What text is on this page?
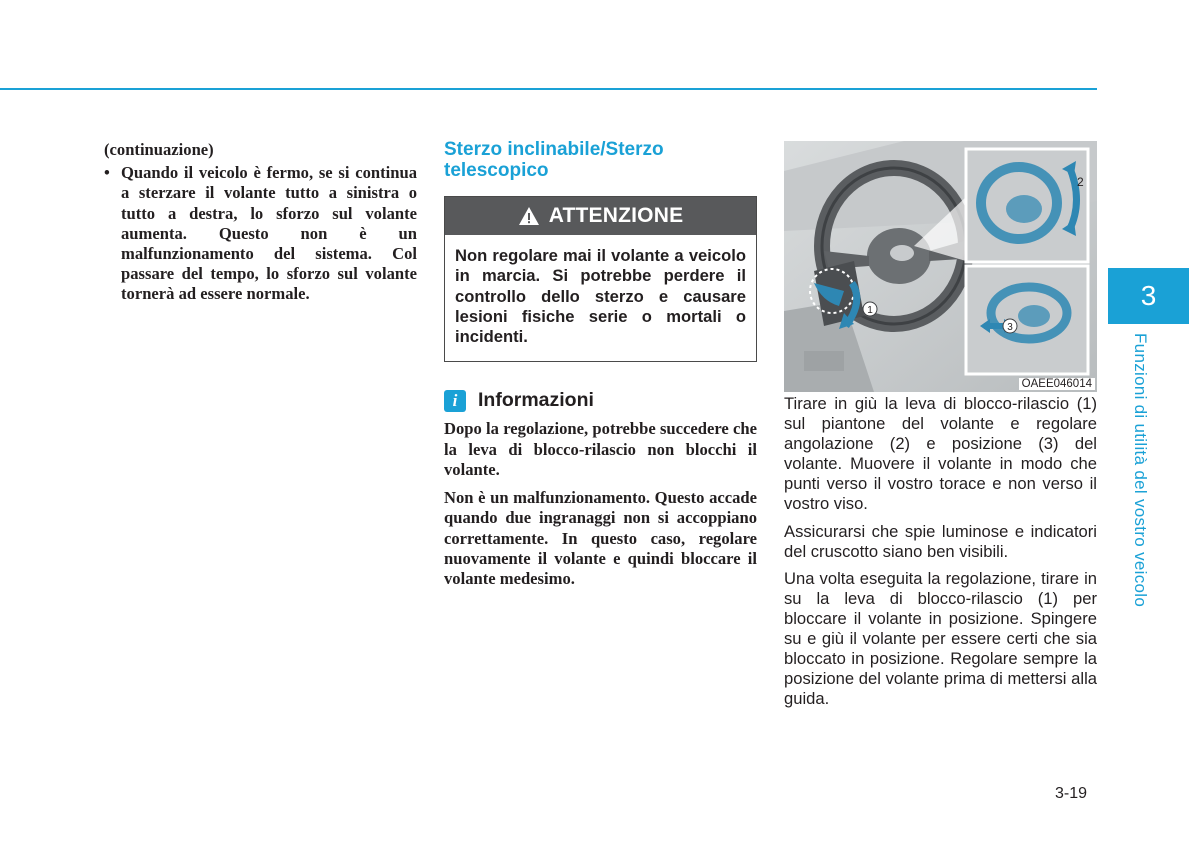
(continuazione)
• Quando il veicolo è fermo, se si continua a sterzare il volante tutto a sinistra o tutto a destra, lo sforzo sul volante aumenta. Questo non è un malfunzionamento del sistema. Col passare del tempo, lo sforzo sul volante tornerà ad essere normale.
Sterzo inclinabile/Sterzo
telescopico
ATTENZIONE
Non regolare mai il volante a veicolo in marcia. Si potrebbe perdere il controllo dello sterzo e causare lesioni fisiche serie o mortali o incidenti.
i	Informazioni

Dopo la regolazione, potrebbe succedere che la leva di blocco-rilascio non blocchi il volante.

Non è un malfunzionamento. Questo accade quando due ingranaggi non si accoppiano correttamente. In questo caso, regolare nuovamente il volante e quindi bloccare il volante medesimo.

1
2
3
OAEE046014

Tirare in giù la leva di blocco-rilascio (1) sul piantone del volante e regolare angolazione (2) e posizione (3) del volante. Muovere il volante in modo che punti verso il vostro torace e non verso il vostro viso.

Assicurarsi che spie luminose e indicatori del cruscotto siano ben visibili.

Una volta eseguita la regolazione, tirare in su la leva di blocco-rilascio (1) per bloccare il volante in posizione. Spingere su e giù il volante per essere certi che sia bloccato in posizione. Regolare sempre la posizione del volante prima di mettersi alla guida.

3
Funzioni di utilità del vostro veicolo
3-19
